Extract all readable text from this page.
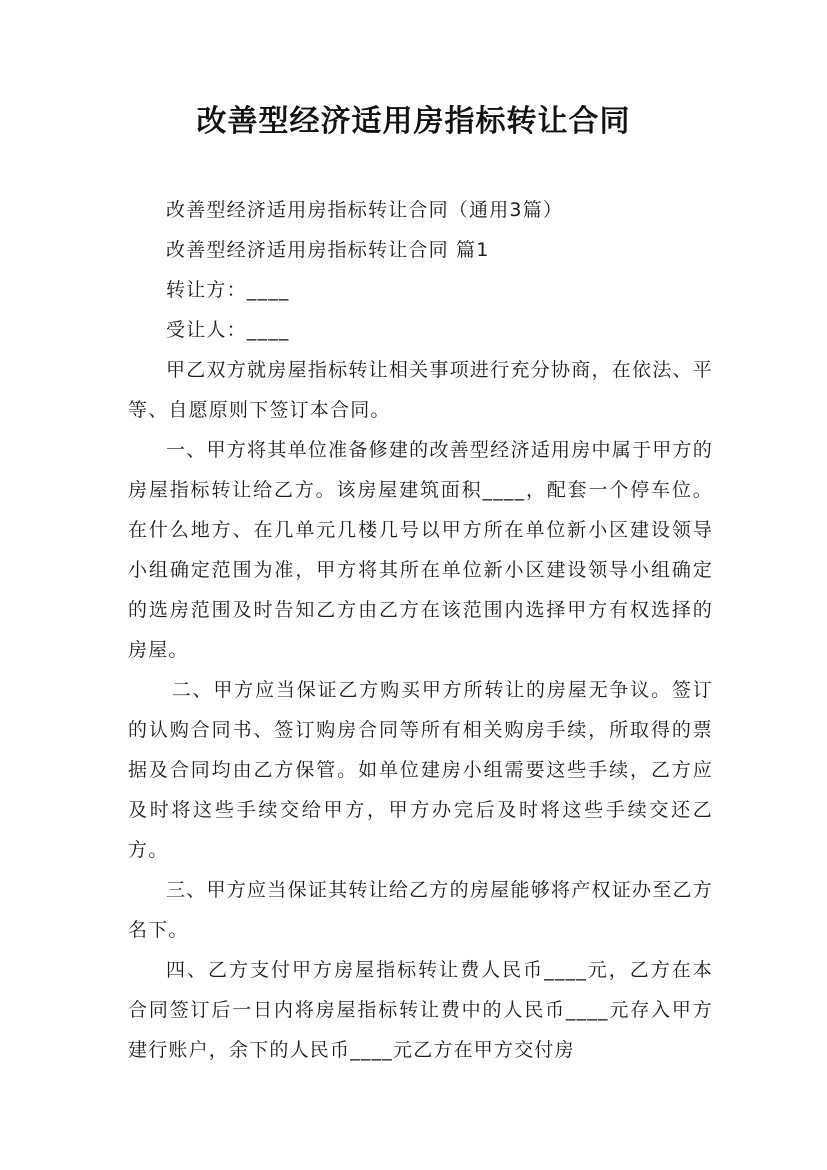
改善型经济适用房指标转让合同

改善型经济适用房指标转让合同（通用3篇）

改善型经济适用房指标转让合同 篇1

转让方：____

受让人：____

甲乙双方就房屋指标转让相关事项进行充分协商，在依法、平等、自愿原则下签订本合同。

一、甲方将其单位准备修建的改善型经济适用房中属于甲方的房屋指标转让给乙方。该房屋建筑面积____，配套一个停车位。在什么地方、在几单元几楼几号以甲方所在单位新小区建设领导小组确定范围为准，甲方将其所在单位新小区建设领导小组确定的选房范围及时告知乙方由乙方在该范围内选择甲方有权选择的房屋。

二、甲方应当保证乙方购买甲方所转让的房屋无争议。签订的认购合同书、签订购房合同等所有相关购房手续，所取得的票据及合同均由乙方保管。如单位建房小组需要这些手续，乙方应及时将这些手续交给甲方，甲方办完后及时将这些手续交还乙方。

三、甲方应当保证其转让给乙方的房屋能够将产权证办至乙方名下。

四、乙方支付甲方房屋指标转让费人民币____元，乙方在本合同签订后一日内将房屋指标转让费中的人民币____元存入甲方建行账户，余下的人民币____元乙方在甲方交付房
